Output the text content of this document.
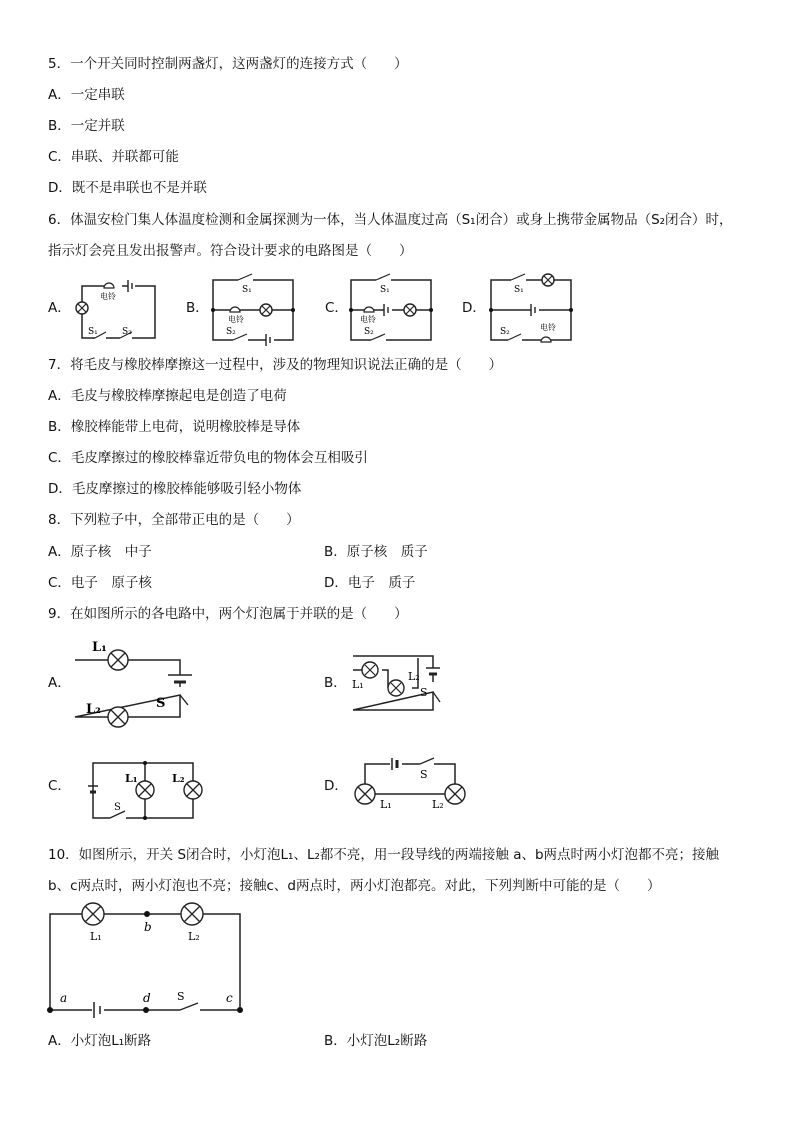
5．一个开关同时控制两盏灯，这两盏灯的连接方式（　　）
A．一定串联
B．一定并联
C．串联、并联都可能
D．既不是串联也不是并联
6．体温安检门集人体温度检测和金属探测为一体，当人体温度过高（S₁闭合）或身上携带金属物品（S₂闭合）时，
指示灯会亮且发出报警声。符合设计要求的电路图是（　　）
A．	B．	C．	D．
电铃
S₁	S₂
S₁
电铃
S₂
S₁
电铃
S₂
S₁
S₂	电铃
7．将毛皮与橡胶棒摩擦这一过程中，涉及的物理知识说法正确的是（　　）
A．毛皮与橡胶棒摩擦起电是创造了电荷
B．橡胶棒能带上电荷，说明橡胶棒是导体
C．毛皮摩擦过的橡胶棒靠近带负电的物体会互相吸引
D．毛皮摩擦过的橡胶棒能够吸引轻小物体
8．下列粒子中，全部带正电的是（　　）
A．原子核　中子	B．原子核　质子
C．电子　原子核	D．电子　质子
9．在如图所示的各电路中，两个灯泡属于并联的是（　　）
A．	B．
C．	D．
L₁
L₂	S
L₁
L₂
S
L₁	L₂
S
S
L₁	L₂
10．如图所示，开关 S闭合时，小灯泡L₁、L₂都不亮，用一段导线的两端接触 a、b两点时两小灯泡都不亮；接触
b、c两点时，两小灯泡也不亮；接触c、d两点时，两小灯泡都亮。对此，下列判断中可能的是（　　）
L₁
b
L₂
a	d S	c
A．小灯泡L₁断路	B．小灯泡L₂断路
